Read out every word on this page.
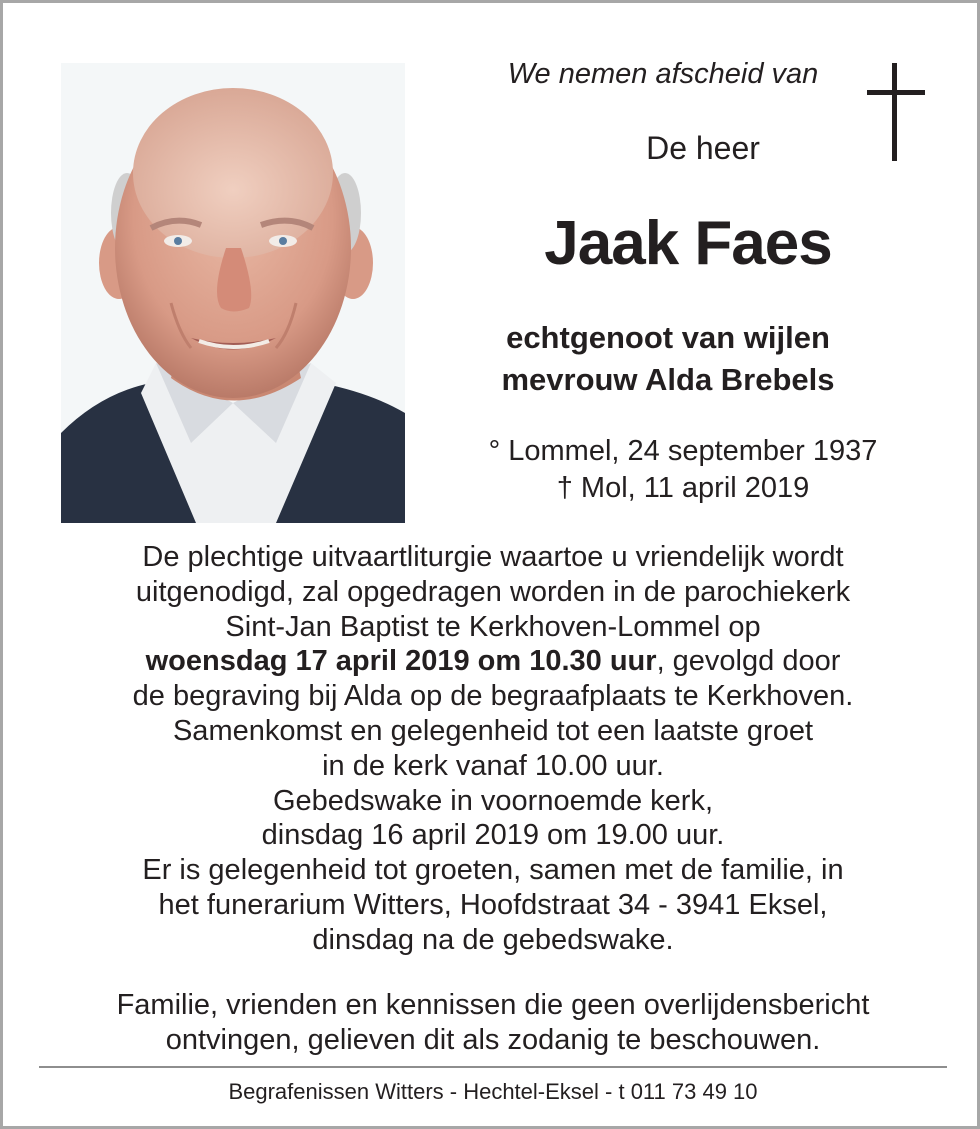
We nemen afscheid van
De heer
Jaak Faes
echtgenoot van wijlen
mevrouw Alda Brebels
° Lommel, 24 september 1937
† Mol, 11 april 2019
De plechtige uitvaartliturgie waartoe u vriendelijk wordt
uitgenodigd, zal opgedragen worden in de parochiekerk
Sint-Jan Baptist te Kerkhoven-Lommel op
woensdag 17 april 2019 om 10.30 uur, gevolgd door
de begraving bij Alda op de begraafplaats te Kerkhoven.
Samenkomst en gelegenheid tot een laatste groet
in de kerk vanaf 10.00 uur.
Gebedswake in voornoemde kerk,
dinsdag 16 april 2019 om 19.00 uur.
Er is gelegenheid tot groeten, samen met de familie, in
het funerarium Witters, Hoofdstraat 34 - 3941 Eksel,
dinsdag na de gebedswake.
Familie, vrienden en kennissen die geen overlijdensbericht
ontvingen, gelieven dit als zodanig te beschouwen.
Begrafenissen Witters - Hechtel-Eksel - t 011 73 49 10
